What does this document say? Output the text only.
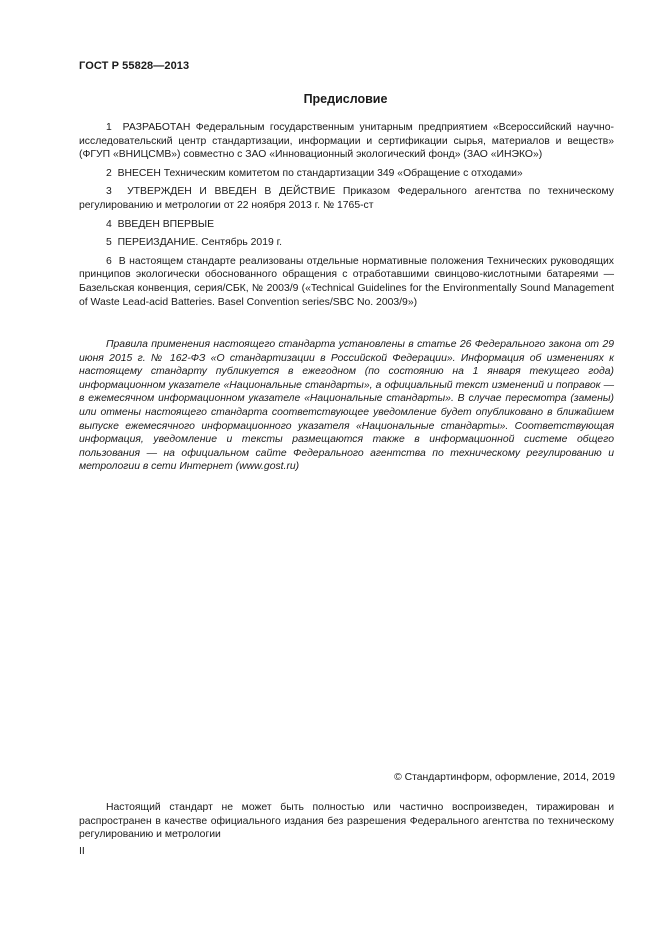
ГОСТ Р 55828—2013
Предисловие

1 РАЗРАБОТАН Федеральным государственным унитарным предприятием «Всероссийский научно-исследовательский центр стандартизации, информации и сертификации сырья, материалов и веществ» (ФГУП «ВНИЦСМВ») совместно с ЗАО «Инновационный экологический фонд» (ЗАО «ИНЭКО»)

2 ВНЕСЕН Техническим комитетом по стандартизации 349 «Обращение с отходами»

3 УТВЕРЖДЕН И ВВЕДЕН В ДЕЙСТВИЕ Приказом Федерального агентства по техническому регулированию и метрологии от 22 ноября 2013 г. № 1765-ст

4 ВВЕДЕН ВПЕРВЫЕ

5 ПЕРЕИЗДАНИЕ. Сентябрь 2019 г.

6 В настоящем стандарте реализованы отдельные нормативные положения Технических руководящих принципов экологически обоснованного обращения с отработавшими свинцово-кислотными батареями — Базельская конвенция, серия/СБК, № 2003/9 («Technical Guidelines for the Environmentally Sound Management of Waste Lead-acid Batteries. Basel Convention series/SBC No. 2003/9»)

Правила применения настоящего стандарта установлены в статье 26 Федерального закона от 29 июня 2015 г. № 162-ФЗ «О стандартизации в Российской Федерации». Информация об изменениях к настоящему стандарту публикуется в ежегодном (по состоянию на 1 января текущего года) информационном указателе «Национальные стандарты», а официальный текст изменений и поправок — в ежемесячном информационном указателе «Национальные стандарты». В случае пересмотра (замены) или отмены настоящего стандарта соответствующее уведомление будет опубликовано в ближайшем выпуске ежемесячного информационного указателя «Национальные стандарты». Соответствующая информация, уведомление и тексты размещаются также в информационной системе общего пользования — на официальном сайте Федерального агентства по техническому регулированию и метрологии в сети Интернет (www.gost.ru)

© Стандартинформ, оформление, 2014, 2019

Настоящий стандарт не может быть полностью или частично воспроизведен, тиражирован и распространен в качестве официального издания без разрешения Федерального агентства по техническому регулированию и метрологии

II
